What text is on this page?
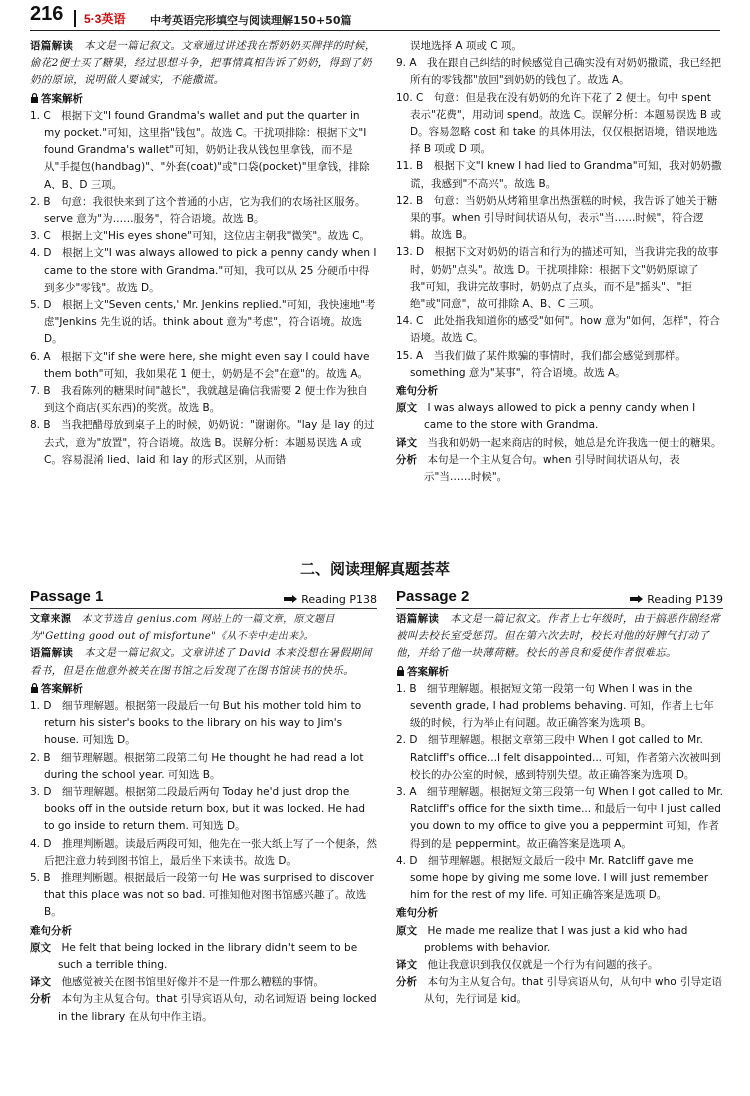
216 5·3英语 中考英语完形填空与阅读理解150+50篇

语篇解读　 本文是一篇记叙文。文章通过讲述我在帮奶奶买牌拌的时候，偷花2便士买了糖果，经过思想斗争，把事情真相告诉了奶奶，得到了奶奶的原谅，说明做人要诚实，不能撒谎。

答案解析

1. C　根据下文"I found Grandma's wallet and put the quarter in my pocket."可知，这里指"钱包"。故选 C。干扰项排除：根据下文"I found Grandma's wallet"可知，奶奶让我从钱包里拿钱，而不是从"手提包(handbag)"、"外套(coat)"或"口袋(pocket)"里拿钱，排除 A、B、D 三项。

2. B　句意：我很快来到了这个普通的小店，它为我们的农场社区服务。serve 意为"为……服务"，符合语境。故选 B。

3. C　根据上文"His eyes shone"可知，这位店主朝我"微笑"。故选 C。

4. D　根据上文"I was always allowed to pick a penny candy when I came to the store with Grandma."可知，我可以从 25 分硬币中得到多少"零钱"。故选 D。

5. D　根据上文"Seven cents,' Mr. Jenkins replied."可知，我快速地"考虑"Jenkins 先生说的话。think about 意为"考虑"，符合语境。故选 D。

6. A　根据下文"if she were here, she might even say I could have them both"可知，我如果花 1 便士，奶奶是不会"在意"的。故选 A。

7. B　我看陈列的糖果时间"越长"，我就越是确信我需要 2 便士作为独自到这个商店(买东西)的奖赏。故选 B。

8. B　当我把醋母放到桌子上的时候，奶奶说："谢谢你。"lay 是 lay 的过去式，意为"放置"，符合语境。故选 B。误解分析：本题易误选 A 或 C。容易混淆 lied、laid 和 lay 的形式区别，从而错

误地选择 A 项或 C 项。

9. A　我在跟自己纠结的时候感觉自己确实没有对奶奶撒谎，我已经把所有的零钱都"放回"到奶奶的钱包了。故选 A。

10. C　句意：但是我在没有奶奶的允许下花了 2 便士。句中 spent 表示"花费"，用动词 spend。故选 C。误解分析：本题易误选 B 或 D。容易忽略 cost 和 take 的具体用法，仅仅根据语境，错误地选择 B 项或 D 项。

11. B　根据下文"I knew I had lied to Grandma"可知，我对奶奶撒谎，我感到"不高兴"。故选 B。

12. B　句意：当奶奶从烤箱里拿出热蛋糕的时候，我告诉了她关于糖果的事。when 引导时间状语从句，表示"当……时候"，符合逻辑。故选 B。

13. D　根据下文对奶奶的语言和行为的描述可知，当我讲完我的故事时，奶奶"点头"。故选 D。干扰项排除：根据下文"奶奶原谅了我"可知，我讲完故事时，奶奶点了点头，而不是"摇头"、"拒绝"或"同意"，故可排除 A、B、C 三项。

14. C　此处指我知道你的感受"如何"。how 意为"如何，怎样"，符合语境。故选 C。

15. A　当我们做了某件欺骗的事情时，我们都会感觉到那样。something 意为"某事"，符合语境。故选 A。

难句分析

原文　 I was always allowed to pick a penny candy when I came to the store with Grandma.

译文　 当我和奶奶一起来商店的时候，她总是允许我选一便士的糖果。

分析　 本句是一个主从复合句。when 引导时间状语从句，表示"当……时候"。

二、阅读理解真题荟萃
Passage 1	Reading P138

文章来源　 本文节选自 genius.com 网站上的一篇文章，原文题目为"Getting good out of misfortune"《从不幸中走出来》。

语篇解读　 本文是一篇记叙文。文章讲述了 David 本来没想在暑假期间看书，但是在他意外被关在图书馆之后发现了在图书馆读书的快乐。

答案解析

1. D　细节理解题。根据第一段最后一句 But his mother told him to return his sister's books to the library on his way to Jim's house. 可知选 D。

2. B　细节理解题。根据第二段第二句 He thought he had read a lot during the school year. 可知选 B。

3. D　细节理解题。根据第二段最后两句 Today he'd just drop the books off in the outside return box, but it was locked. He had to go inside to return them. 可知选 D。

4. D　推理判断题。读最后两段可知，他先在一张大纸上写了一个便条，然后把注意力转到图书馆上，最后坐下来读书。故选 D。

5. B　推理判断题。根据最后一段第一句 He was surprised to discover that this place was not so bad. 可推知他对图书馆感兴趣了。故选 B。

难句分析

原文　 He felt that being locked in the library didn't seem to be such a terrible thing.

译文　 他感觉被关在图书馆里好像并不是一件那么糟糕的事情。

分析　 本句为主从复合句。that 引导宾语从句，动名词短语 being locked in the library 在从句中作主语。

Passage 2	Reading P139

语篇解读　 本文是一篇记叙文。作者上七年级时，由于搞恶作剧经常被叫去校长室受惩罚。但在第六次去时，校长对他的好脾气打动了他，并给了他一块薄荷糖。校长的善良和爱使作者很难忘。

答案解析

1. B　细节理解题。根据短文第一段第一句 When I was in the seventh grade, I had problems behaving. 可知，作者上七年级的时候，行为举止有问题。故正确答案为选项 B。

2. D　细节理解题。根据文章第三段中 When I got called to Mr. Ratcliff's office...I felt disappointed... 可知，作者第六次被叫到校长的办公室的时候，感到特别失望。故正确答案为选项 D。

3. A　细节理解题。根据短文第三段第一句 When I got called to Mr. Ratcliff's office for the sixth time... 和最后一句中 I just called you down to my office to give you a peppermint 可知，作者得到的是 peppermint。故正确答案是选项 A。

4. D　细节理解题。根据短文最后一段中 Mr. Ratcliff gave me some hope by giving me some love. I will just remember him for the rest of my life. 可知正确答案是选项 D。

难句分析

原文　 He made me realize that I was just a kid who had problems with behavior.

译文　 他让我意识到我仅仅就是一个行为有问题的孩子。

分析　 本句为主从复合句。that 引导宾语从句，从句中 who 引导定语从句，先行词是 kid。
